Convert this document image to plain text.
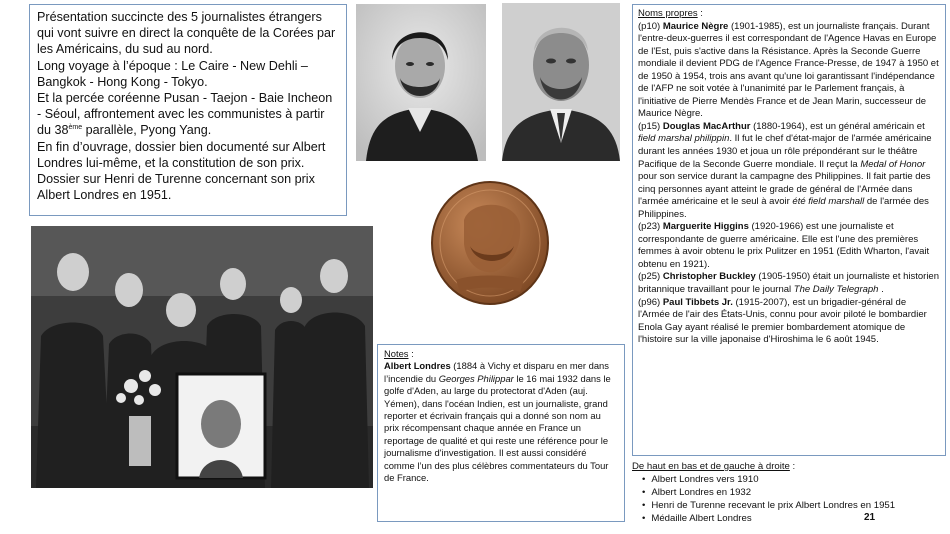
Présentation succincte des 5 journalistes étrangers qui vont suivre en direct la conquête de la Corées par les Américains, du sud au nord.

Long voyage à l’époque : Le Caire - New Dehli – Bangkok - Hong Kong - Tokyo.

Et la percée coréenne Pusan - Taejon - Baie Incheon - Séoul, affrontement avec les communistes à partir du 38ème parallèle, Pyong Yang.

En fin d’ouvrage, dossier bien documenté sur Albert Londres lui-même, et la constitution de son prix.

Dossier sur Henri de Turenne concernant son prix Albert Londres en 1951.

Notes :

Albert Londres (1884 à Vichy et disparu en mer dans l’incendie du Georges Philippar le 16 mai 1932 dans le golfe d'Aden, au large du protectorat d'Aden (auj. Yémen), dans l'océan Indien, est un journaliste, grand reporter et écrivain français qui a donné son nom au prix récompensant chaque année en France un reportage de qualité et qui reste une référence pour le journalisme d'investigation. Il est aussi considéré comme l’un des plus célèbres commentateurs du Tour de France.

Noms propres :

(p10) Maurice Nègre (1901-1985), est un journaliste français. Durant l'entre-deux-guerres il est correspondant de l'Agence Havas en Europe de l'Est, puis s'active dans la Résistance. Après la Seconde Guerre mondiale il devient PDG de l'Agence France-Presse, de 1947 à 1950 et de 1950 à 1954, trois ans avant qu'une loi garantissant l'indépendance de l'AFP ne soit votée à l'unanimité par le Parlement français, à l'initiative de Pierre Mendès France et de Jean Marin, successeur de Maurice Nègre.

(p15) Douglas MacArthur (1880-1964), est un général américain et field marshal philippin. Il fut le chef d'état-major de l'armée américaine durant les années 1930 et joua un rôle prépondérant sur le théâtre Pacifique de la Seconde Guerre mondiale. Il reçut la Medal of Honor pour son service durant la campagne des Philippines. Il fait partie des cinq personnes ayant atteint le grade de général de l'Armée dans l'armée américaine et le seul à avoir été field marshall de l'armée des Philippines.

(p23) Marguerite Higgins (1920-1966) est une journaliste et correspondante de guerre américaine. Elle est l'une des premières femmes à avoir obtenu le prix Pulitzer en 1951 (Edith Wharton, l'avait obtenu en 1921).

(p25) Christopher Buckley (1905-1950) était un journaliste et historien britannique travaillant pour le journal The Daily Telegraph .

(p96) Paul Tibbets Jr. (1915-2007), est un brigadier-général de l'Armée de l'air des États-Unis, connu pour avoir piloté le bombardier Enola Gay ayant réalisé le premier bombardement atomique de l'histoire sur la ville japonaise d'Hiroshima le 6 août 1945.

De haut en bas et de gauche à droite :
• Albert Londres vers 1910
• Albert Londres en 1932
• Henri de Turenne recevant le prix Albert Londres en 1951
• Médaille Albert Londres	21
